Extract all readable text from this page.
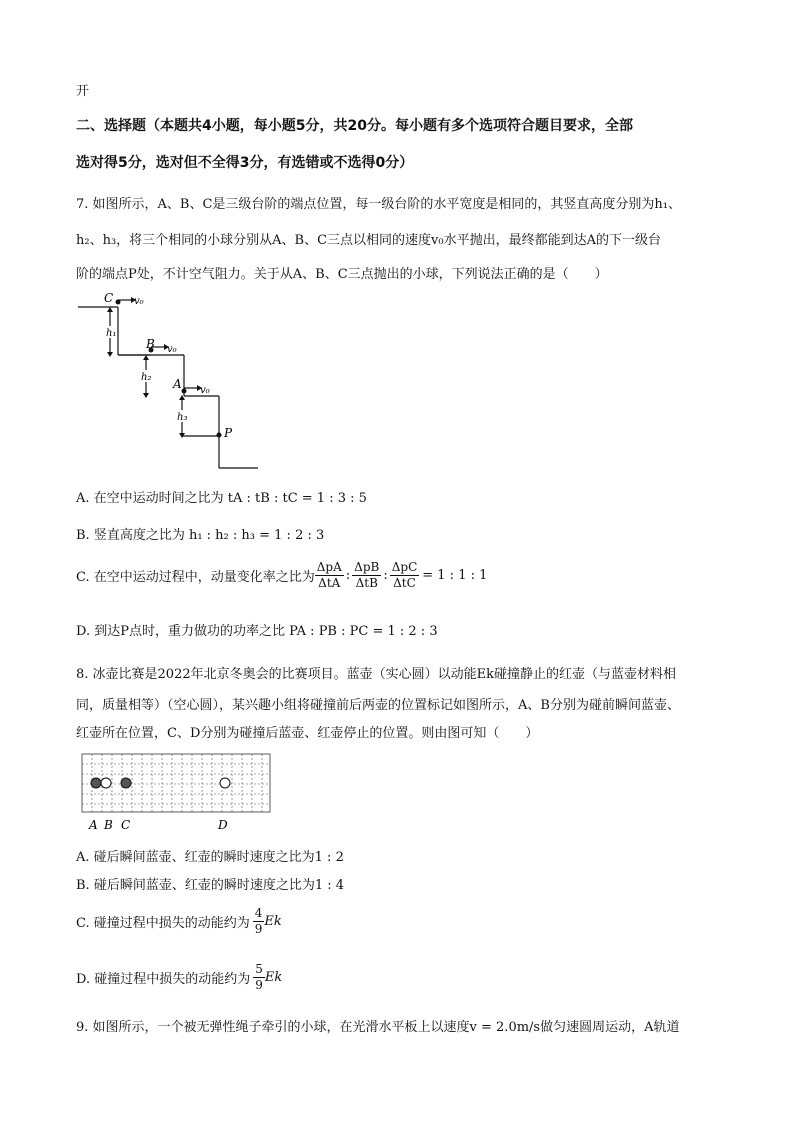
开
二、选择题（本题共4小题，每小题5分，共20分。每小题有多个选项符合题目要求，全部
选对得5分，选对但不全得3分，有选错或不选得0分）
7. 如图所示，A、B、C是三级台阶的端点位置，每一级台阶的水平宽度是相同的，其竖直高度分别为h₁、
h₂、h₃，将三个相同的小球分别从A、B、C三点以相同的速度v₀水平抛出，最终都能到达A的下一级台
阶的端点P处，不计空气阻力。关于从A、B、C三点抛出的小球，下列说法正确的是（　　）
C v₀
h₁
B v₀
h₂ A v₀
h₃
P
A. 在空中运动时间之比为 tA : tB : tC = 1 : 3 : 5
B. 竖直高度之比为 h₁ : h₂ : h₃ = 1 : 2 : 3
C. 在空中运动过程中，动量变化率之比为 $\frac{\text{ΔpA}}{\text{ΔtA}}$ : $\frac{\text{ΔpB}}{\text{ΔtB}}$ : $\frac{\text{ΔpC}}{\text{ΔtC}} = 1$ : 1 : 1
D. 到达P点时，重力做功的功率之比 PA : PB : PC = 1 : 2 : 3
8. 冰壶比赛是2022年北京冬奥会的比赛项目。蓝壶（实心圆）以动能Ek碰撞静止的红壶（与蓝壶材料相
同，质量相等）（空心圆），某兴趣小组将碰撞前后两壶的位置标记如图所示，A、B分别为碰前瞬间蓝壶、
红壶所在位置，C、D分别为碰撞后蓝壶、红壶停止的位置。则由图可知（　　）
A B C	D
A. 碰后瞬间蓝壶、红壶的瞬时速度之比为1 : 2
B. 碰后瞬间蓝壶、红壶的瞬时速度之比为1 : 4
C. 碰撞过程中损失的动能约为 $\frac{4}{9}$ Ek
D. 碰撞过程中损失的动能约为 $\frac{5}{9}$ Ek
9. 如图所示，一个被无弹性绳子牵引的小球，在光滑水平板上以速度v = 2.0m/s做匀速圆周运动，A轨道
